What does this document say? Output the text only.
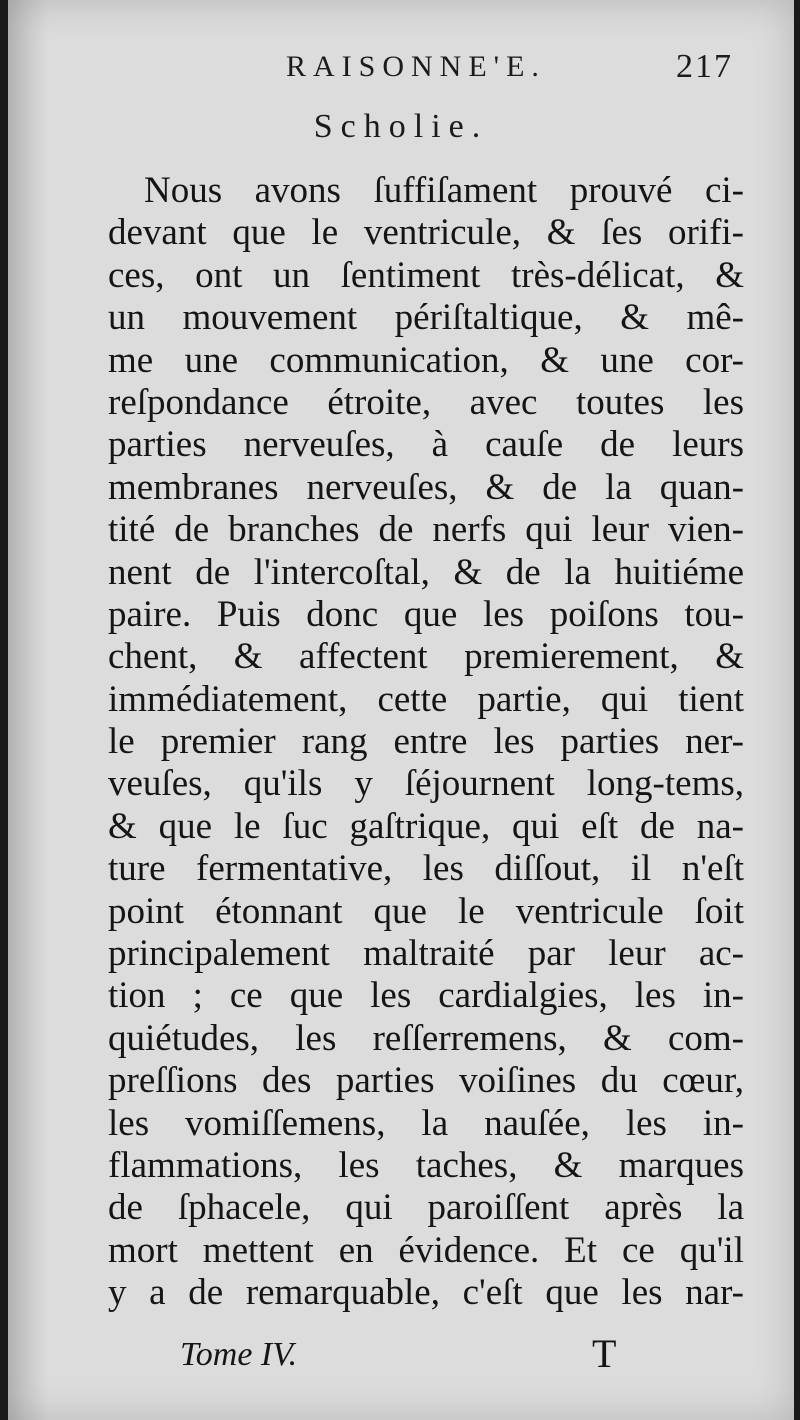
RAISONNE'E.	217
Scholie.
Nous avons ſuffiſament prouvé ci-
devant que le ventricule, & ſes orifi-
ces, ont un ſentiment très-délicat, &
un mouvement périſtaltique, & mê-
me une communication, & une cor-
reſpondance étroite, avec toutes les
parties nerveuſes, à cauſe de leurs
membranes nerveuſes, & de la quan-
tité de branches de nerfs qui leur vien-
nent de l'intercoſtal, & de la huitiéme
paire. Puis donc que les poiſons tou-
chent, & affectent premierement, &
immédiatement, cette partie, qui tient
le premier rang entre les parties ner-
veuſes, qu'ils y ſéjournent long-tems,
& que le ſuc gaſtrique, qui eſt de na-
ture fermentative, les diſſout, il n'eſt
point étonnant que le ventricule ſoit
principalement maltraité par leur ac-
tion ; ce que les cardialgies, les in-
quiétudes, les reſſerremens, & com-
preſſions des parties voiſines du cœur,
les vomiſſemens, la nauſée, les in-
flammations, les taches, & marques
de ſphacele, qui paroiſſent après la
mort mettent en évidence. Et ce qu'il
y a de remarquable, c'eſt que les nar-
Tome IV.	T
